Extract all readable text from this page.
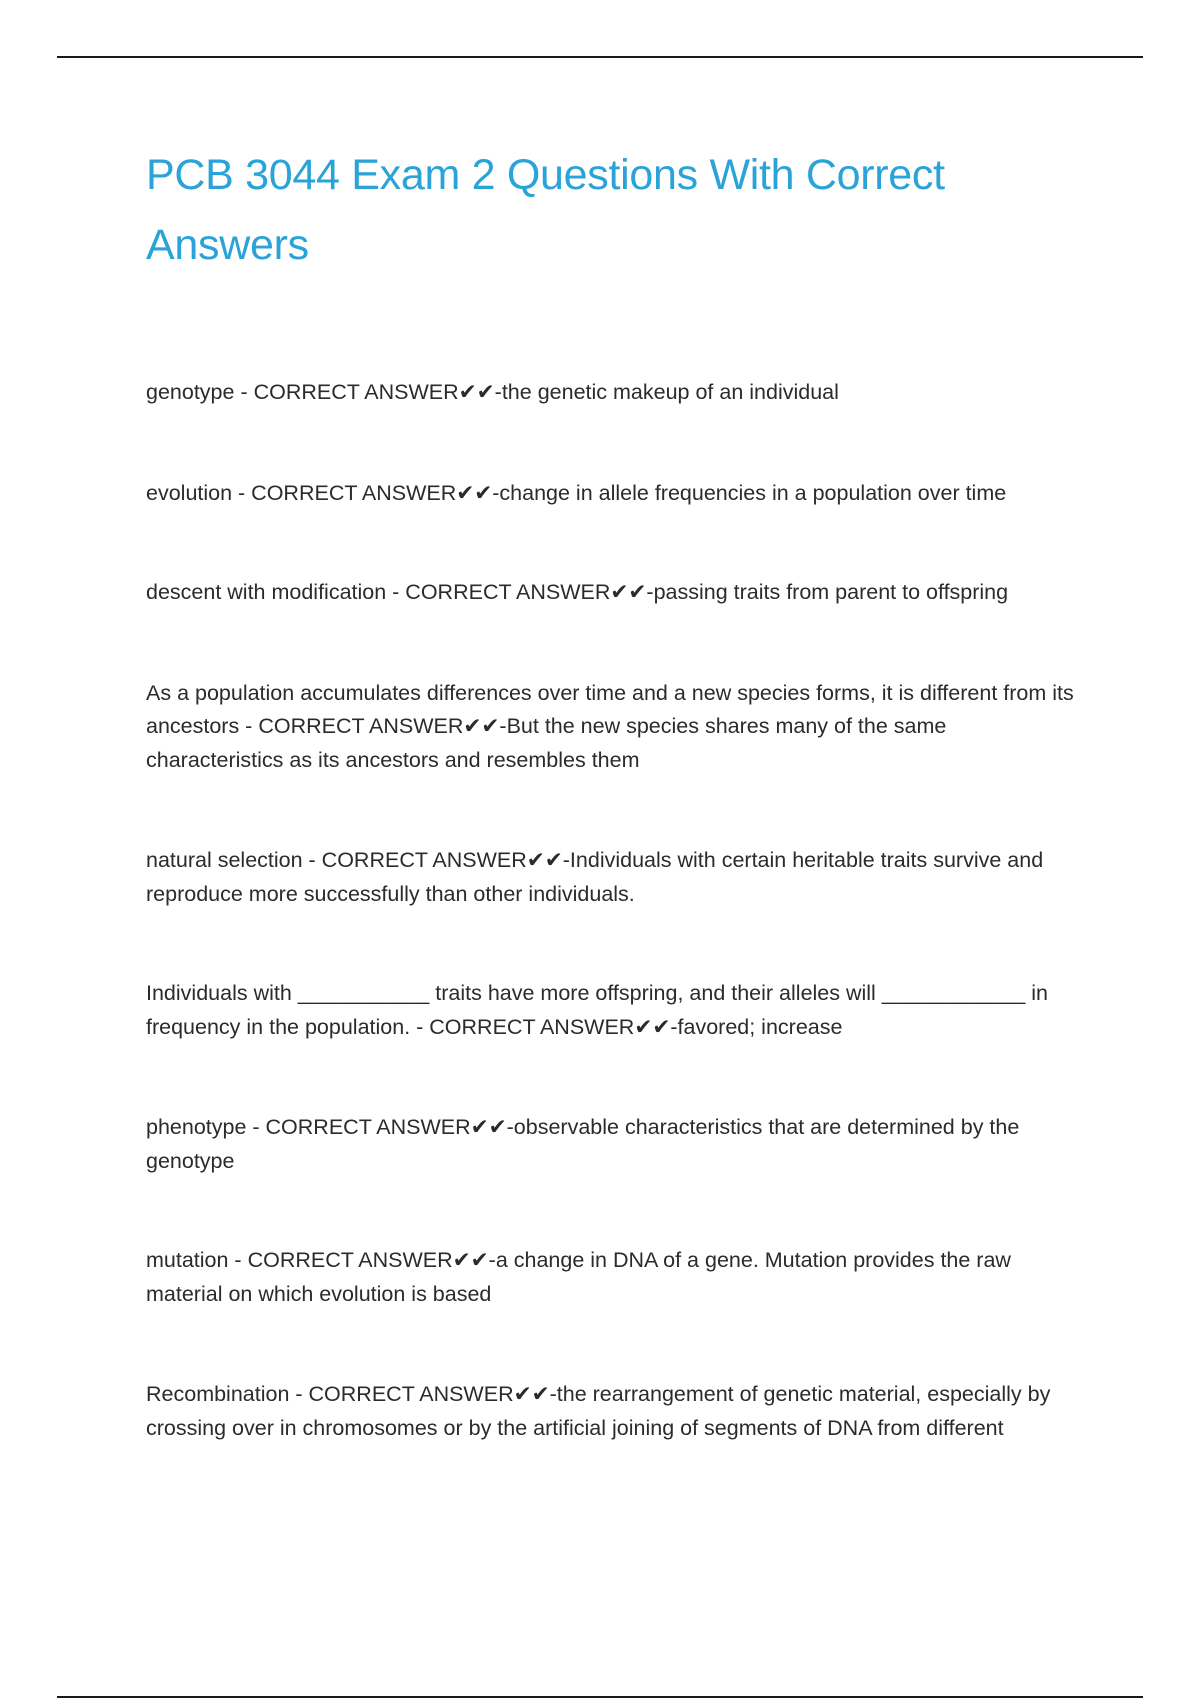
PCB 3044 Exam 2 Questions With Correct Answers
genotype - CORRECT ANSWER✔✔-the genetic makeup of an individual
evolution - CORRECT ANSWER✔✔-change in allele frequencies in a population over time
descent with modification - CORRECT ANSWER✔✔-passing traits from parent to offspring
As a population accumulates differences over time and a new species forms, it is different from its ancestors - CORRECT ANSWER✔✔-But the new species shares many of the same characteristics as its ancestors and resembles them
natural selection - CORRECT ANSWER✔✔-Individuals with certain heritable traits survive and reproduce more successfully than other individuals.
Individuals with ___________ traits have more offspring, and their alleles will ____________ in frequency in the population. - CORRECT ANSWER✔✔-favored; increase
phenotype - CORRECT ANSWER✔✔-observable characteristics that are determined by the genotype
mutation - CORRECT ANSWER✔✔-a change in DNA of a gene. Mutation provides the raw material on which evolution is based
Recombination - CORRECT ANSWER✔✔-the rearrangement of genetic material, especially by crossing over in chromosomes or by the artificial joining of segments of DNA from different
